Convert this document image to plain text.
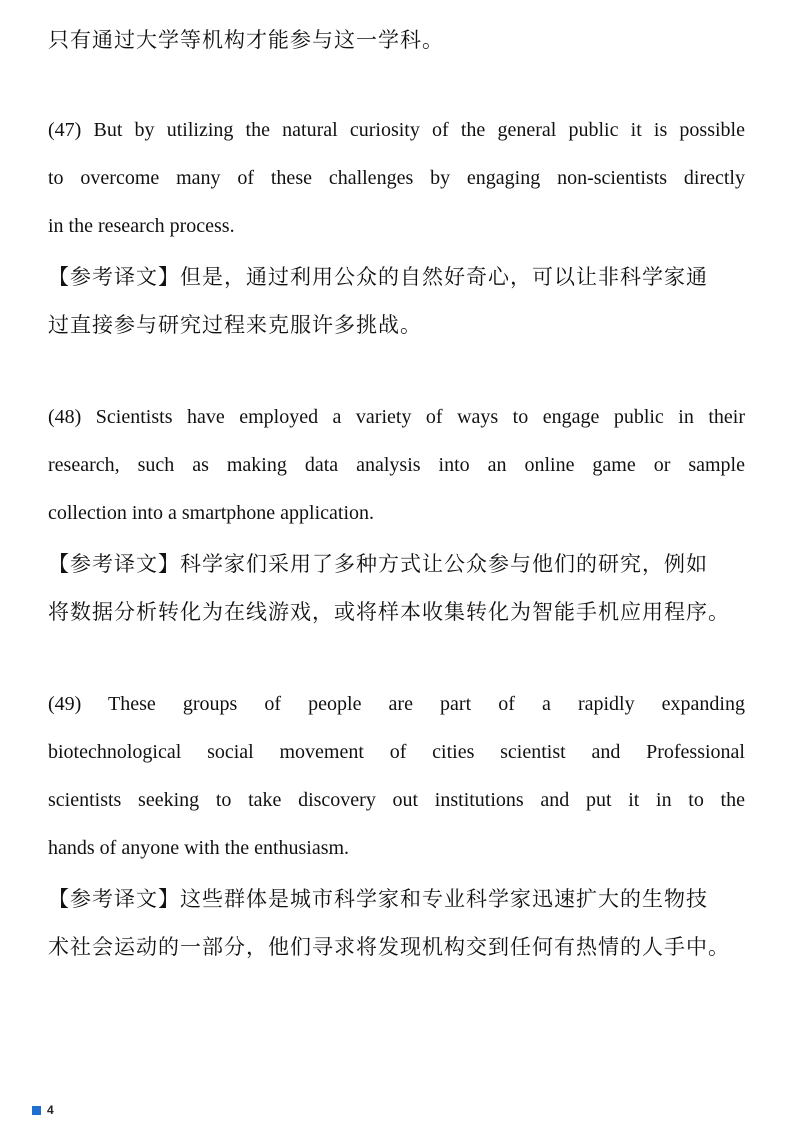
只有通过大学等机构才能参与这一学科。

(47) But by utilizing the natural curiosity of the general public it is possible

to overcome many of these challenges by engaging non-scientists directly

in the research process.

【参考译文】但是，通过利用公众的自然好奇心，可以让非科学家通

过直接参与研究过程来克服许多挑战。

(48) Scientists have employed a variety of ways to engage public in their

research, such as making data analysis into an online game or sample

collection into a smartphone application.

【参考译文】科学家们采用了多种方式让公众参与他们的研究，例如

将数据分析转化为在线游戏，或将样本收集转化为智能手机应用程序。

(49) These groups of people are part of a rapidly expanding

biotechnological social movement of cities scientist and Professional

scientists seeking to take discovery out institutions and put it in to the

hands of anyone with the enthusiasm.

【参考译文】这些群体是城市科学家和专业科学家迅速扩大的生物技

术社会运动的一部分，他们寻求将发现机构交到任何有热情的人手中。

4
